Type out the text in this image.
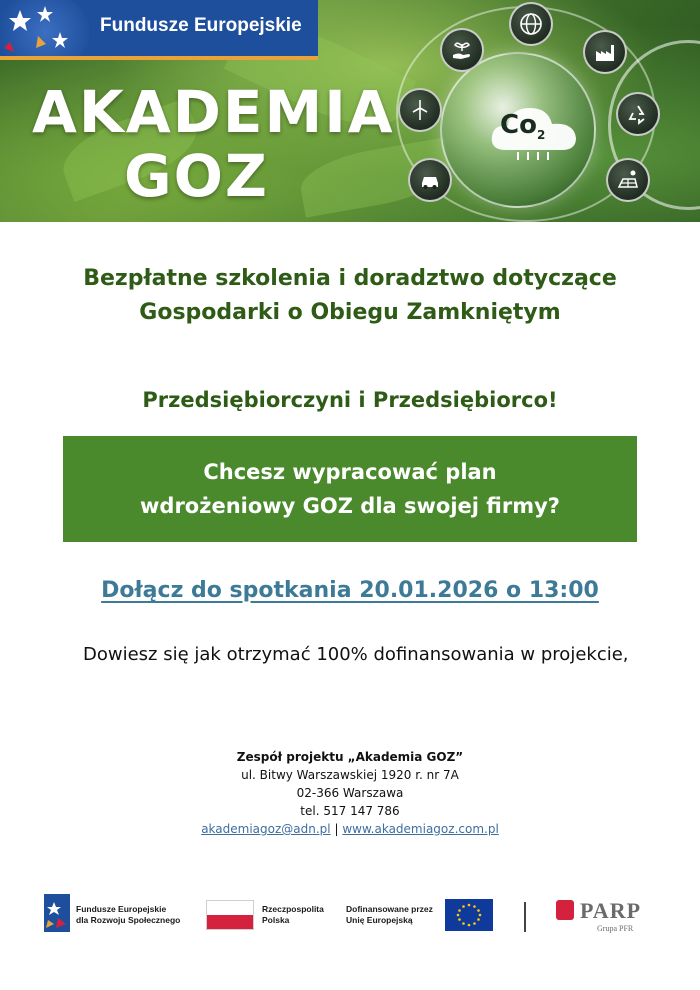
Fundusze Europejskie
AKADEMIA
GOZ
$Co_2$
Bezpłatne szkolenia i doradztwo dotyczące
Gospodarki o Obiegu Zamkniętym
Przedsiębiorczyni i Przedsiębiorco!
Chcesz wypracować plan
wdrożeniowy GOZ dla swojej firmy?
Dołącz do spotkania 20.01.2026 o 13:00
Dowiesz się jak otrzymać 100% dofinansowania w projekcie,
Zespół projektu „Akademia GOZ”
ul. Bitwy Warszawskiej 1920 r. nr 7A
02-366 Warszawa
tel. 517 147 786
akademiagoz@adn.pl | www.akademiagoz.com.pl
Fundusze Europejskie
dla Rozwoju Społecznego
Rzeczpospolita
Polska
Dofinansowane przez
Unię Europejską	PARP
Grupa PFR
